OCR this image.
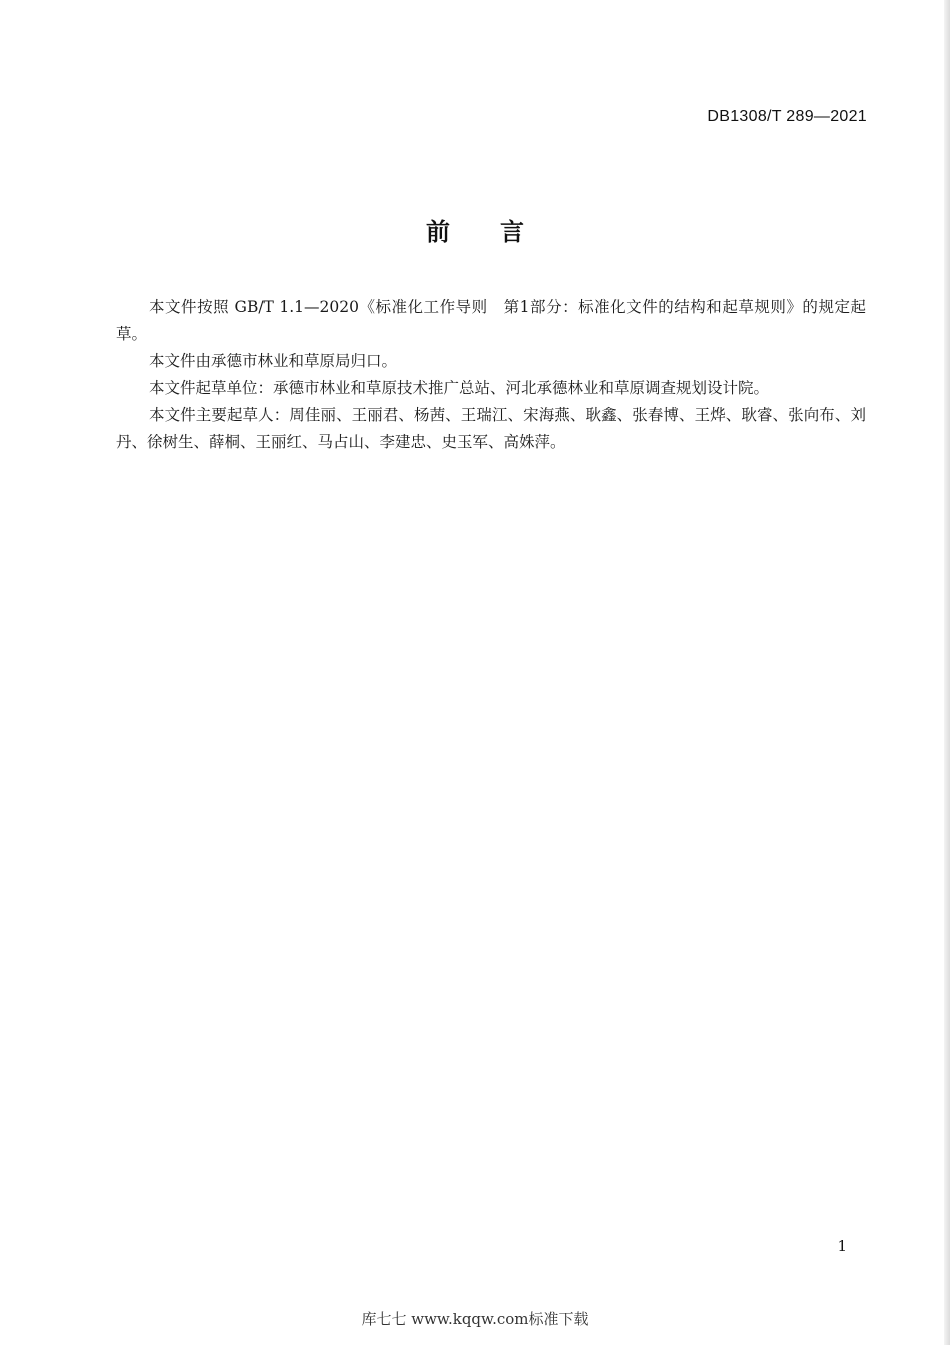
DB1308/T 289—2021
前言

本文件按照 GB/T 1.1—2020《标准化工作导则　第1部分：标准化文件的结构和起草规则》的规定起草。

本文件由承德市林业和草原局归口。

本文件起草单位：承德市林业和草原技术推广总站、河北承德林业和草原调查规划设计院。

本文件主要起草人：周佳丽、王丽君、杨茜、王瑞江、宋海燕、耿鑫、张春博、王烨、耿睿、张向布、刘丹、徐树生、薛桐、王丽红、马占山、李建忠、史玉军、高姝萍。

1
库七七 www.kqqw.com标准下载
